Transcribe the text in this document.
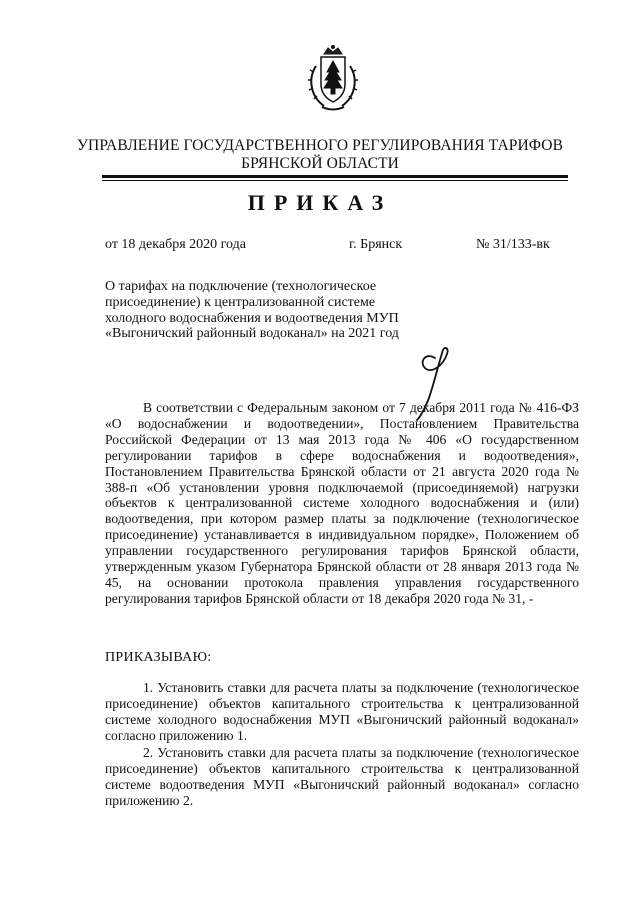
УПРАВЛЕНИЕ ГОСУДАРСТВЕННОГО РЕГУЛИРОВАНИЯ ТАРИФОВ
БРЯНСКОЙ ОБЛАСТИ
ПРИКАЗ
от 18 декабря 2020 года	г. Брянск	№ 31/133-вк
О тарифах на подключение (технологическое присоединение) к централизованной системе холодного водоснабжения и водоотведения МУП «Выгоничский районный водоканал» на 2021 год
В соответствии с Федеральным законом от 7 декабря 2011 года № 416-ФЗ «О водоснабжении и водоотведении», Постановлением Правительства Российской Федерации от 13 мая 2013 года № 406 «О государственном регулировании тарифов в сфере водоснабжения и водоотведения», Постановлением Правительства Брянской области от 21 августа 2020 года № 388-п «Об установлении уровня подключаемой (присоединяемой) нагрузки объектов к централизованной системе холодного водоснабжения и (или) водоотведения, при котором размер платы за подключение (технологическое присоединение) устанавливается в индивидуальном порядке», Положением об управлении государственного регулирования тарифов Брянской области, утвержденным указом Губернатора Брянской области от 28 января 2013 года № 45, на основании протокола правления управления государственного регулирования тарифов Брянской области от 18 декабря 2020 года № 31, -
ПРИКАЗЫВАЮ:
1. Установить ставки для расчета платы за подключение (технологическое присоединение) объектов капитального строительства к централизованной системе холодного водоснабжения МУП «Выгоничский районный водоканал» согласно приложению 1.
2. Установить ставки для расчета платы за подключение (технологическое присоединение) объектов капитального строительства к централизованной системе водоотведения МУП «Выгоничский районный водоканал» согласно приложению 2.
